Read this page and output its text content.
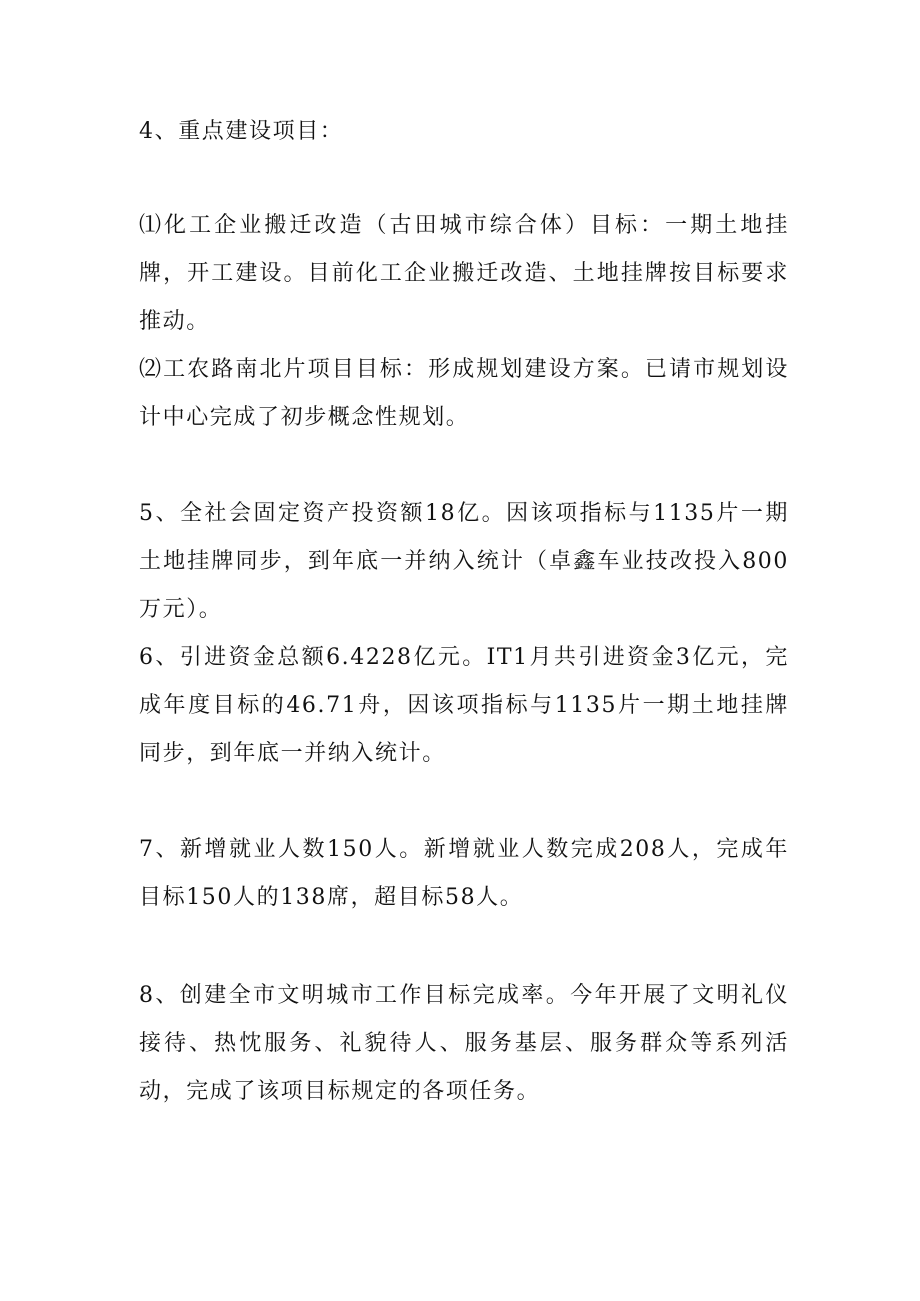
4、重点建设项目：

⑴化工企业搬迁改造（古田城市综合体）目标：一期土地挂牌，开工建设。目前化工企业搬迁改造、土地挂牌按目标要求推动。

⑵工农路南北片项目目标：形成规划建设方案。已请市规划设计中心完成了初步概念性规划。

5、全社会固定资产投资额18亿。因该项指标与1135片一期土地挂牌同步，到年底一并纳入统计（卓鑫车业技改投入800万元）。

6、引进资金总额6.4228亿元。IT1月共引进资金3亿元，完成年度目标的46.71舟，因该项指标与1135片一期土地挂牌同步，到年底一并纳入统计。

7、新增就业人数150人。新增就业人数完成208人，完成年目标150人的138席，超目标58人。

8、创建全市文明城市工作目标完成率。今年开展了文明礼仪接待、热忱服务、礼貌待人、服务基层、服务群众等系列活动，完成了该项目标规定的各项任务。
